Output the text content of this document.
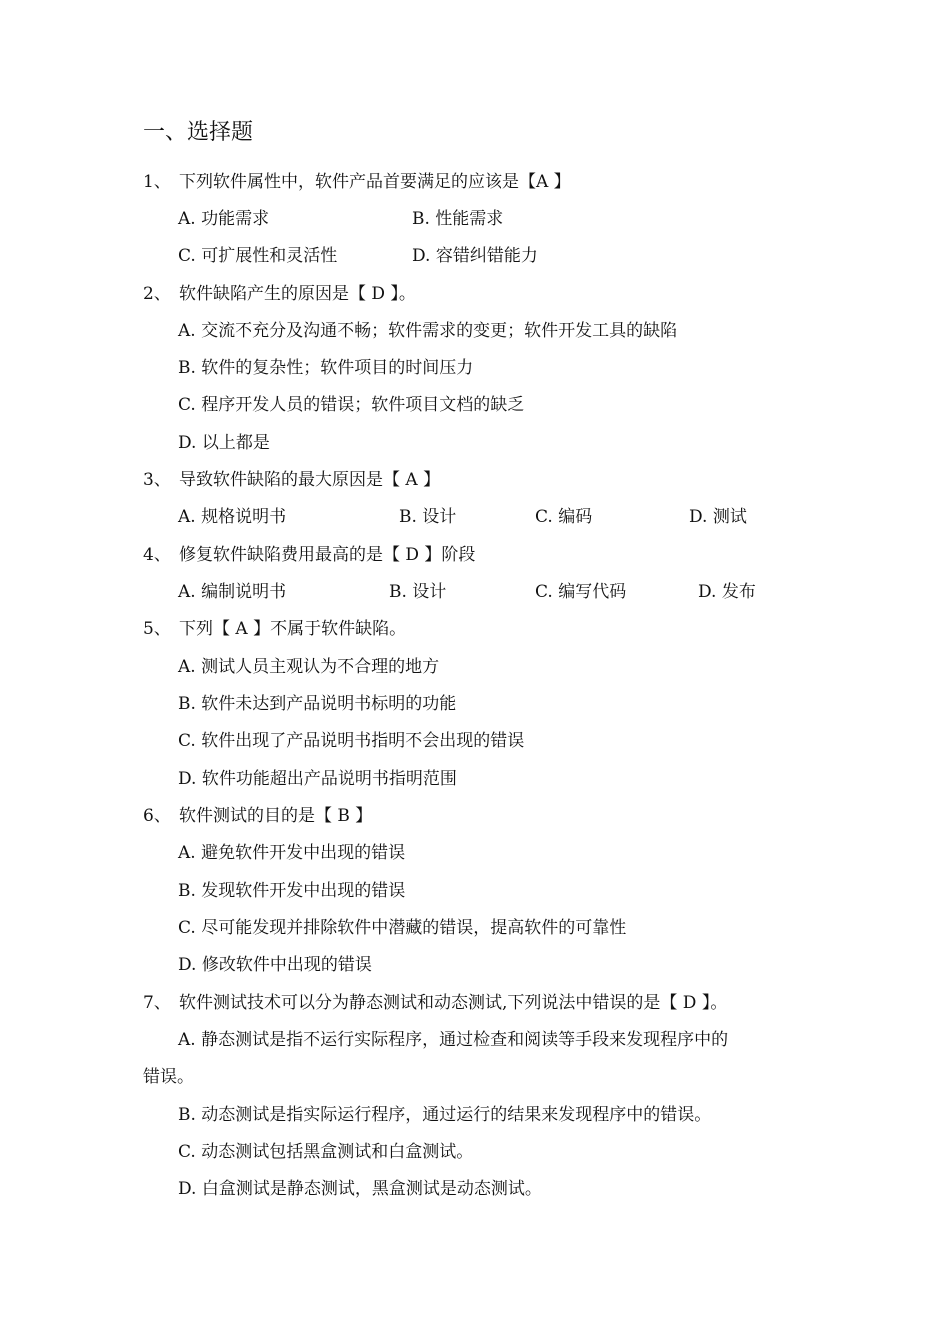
一、选择题
1、 下列软件属性中，软件产品首要满足的应该是【A 】
A. 功能需求	B. 性能需求
C. 可扩展性和灵活性	D. 容错纠错能力
2、 软件缺陷产生的原因是【 D 】。
A. 交流不充分及沟通不畅；软件需求的变更；软件开发工具的缺陷
B. 软件的复杂性；软件项目的时间压力
C. 程序开发人员的错误；软件项目文档的缺乏
D. 以上都是
3、 导致软件缺陷的最大原因是【 A 】
A. 规格说明书	B. 设计	C. 编码	D. 测试
4、 修复软件缺陷费用最高的是【 D 】阶段
A. 编制说明书	B. 设计	C. 编写代码	D. 发布
5、 下列【 A 】不属于软件缺陷。
A. 测试人员主观认为不合理的地方
B. 软件未达到产品说明书标明的功能
C. 软件出现了产品说明书指明不会出现的错误
D. 软件功能超出产品说明书指明范围
6、 软件测试的目的是【 B 】
A. 避免软件开发中出现的错误
B. 发现软件开发中出现的错误
C. 尽可能发现并排除软件中潜藏的错误，提高软件的可靠性
D. 修改软件中出现的错误
7、 软件测试技术可以分为静态测试和动态测试,下列说法中错误的是【 D 】。
A. 静态测试是指不运行实际程序，通过检查和阅读等手段来发现程序中的
错误。
B. 动态测试是指实际运行程序，通过运行的结果来发现程序中的错误。
C. 动态测试包括黑盒测试和白盒测试。
D. 白盒测试是静态测试，黑盒测试是动态测试。
